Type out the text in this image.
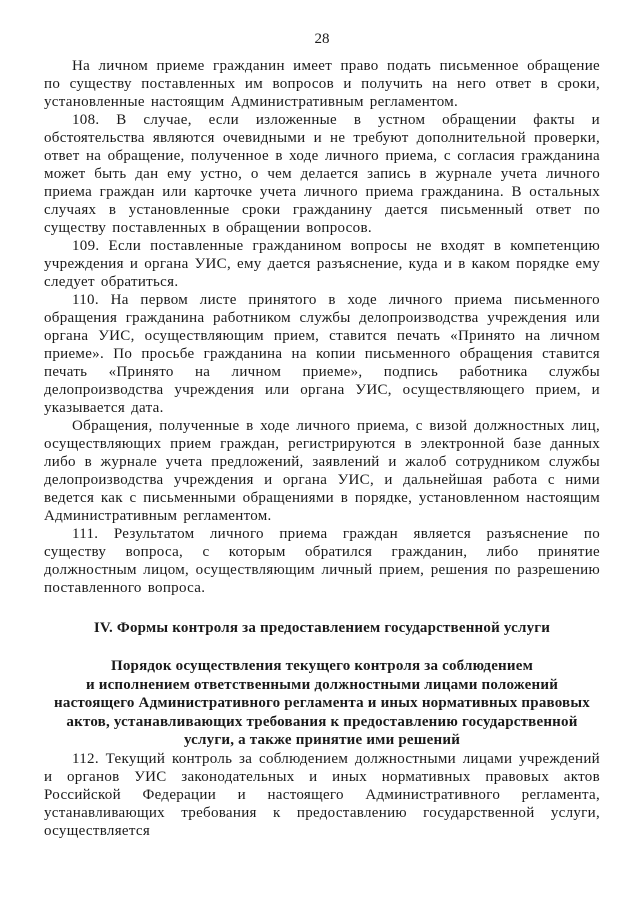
28

На личном приеме гражданин имеет право подать письменное обращение по существу поставленных им вопросов и получить на него ответ в сроки, установленные настоящим Административным регламентом.

108. В случае, если изложенные в устном обращении факты и обстоятельства являются очевидными и не требуют дополнительной проверки, ответ на обращение, полученное в ходе личного приема, с согласия гражданина может быть дан ему устно, о чем делается запись в журнале учета личного приема граждан или карточке учета личного приема гражданина. В остальных случаях в установленные сроки гражданину дается письменный ответ по существу поставленных в обращении вопросов.

109. Если поставленные гражданином вопросы не входят в компетенцию учреждения и органа УИС, ему дается разъяснение, куда и в каком порядке ему следует обратиться.

110. На первом листе принятого в ходе личного приема письменного обращения гражданина работником службы делопроизводства учреждения или органа УИС, осуществляющим прием, ставится печать «Принято на личном приеме». По просьбе гражданина на копии письменного обращения ставится печать «Принято на личном приеме», подпись работника службы делопроизводства учреждения или органа УИС, осуществляющего прием, и указывается дата.

Обращения, полученные в ходе личного приема, с визой должностных лиц, осуществляющих прием граждан, регистрируются в электронной базе данных либо в журнале учета предложений, заявлений и жалоб сотрудником службы делопроизводства учреждения и органа УИС, и дальнейшая работа с ними ведется как с письменными обращениями в порядке, установленном настоящим Административным регламентом.

111. Результатом личного приема граждан является разъяснение по существу вопроса, с которым обратился гражданин, либо принятие должностным лицом, осуществляющим личный прием, решения по разрешению поставленного вопроса.

IV. Формы контроля за предоставлением государственной услуги
Порядок осуществления текущего контроля за соблюдением
и исполнением ответственными должностными лицами положений
настоящего Административного регламента и иных нормативных правовых
актов, устанавливающих требования к предоставлению государственной
услуги, а также принятие ими решений

112. Текущий контроль за соблюдением должностными лицами учреждений и органов УИС законодательных и иных нормативных правовых актов Российской Федерации и настоящего Административного регламента, устанавливающих требования к предоставлению государственной услуги, осуществляется
